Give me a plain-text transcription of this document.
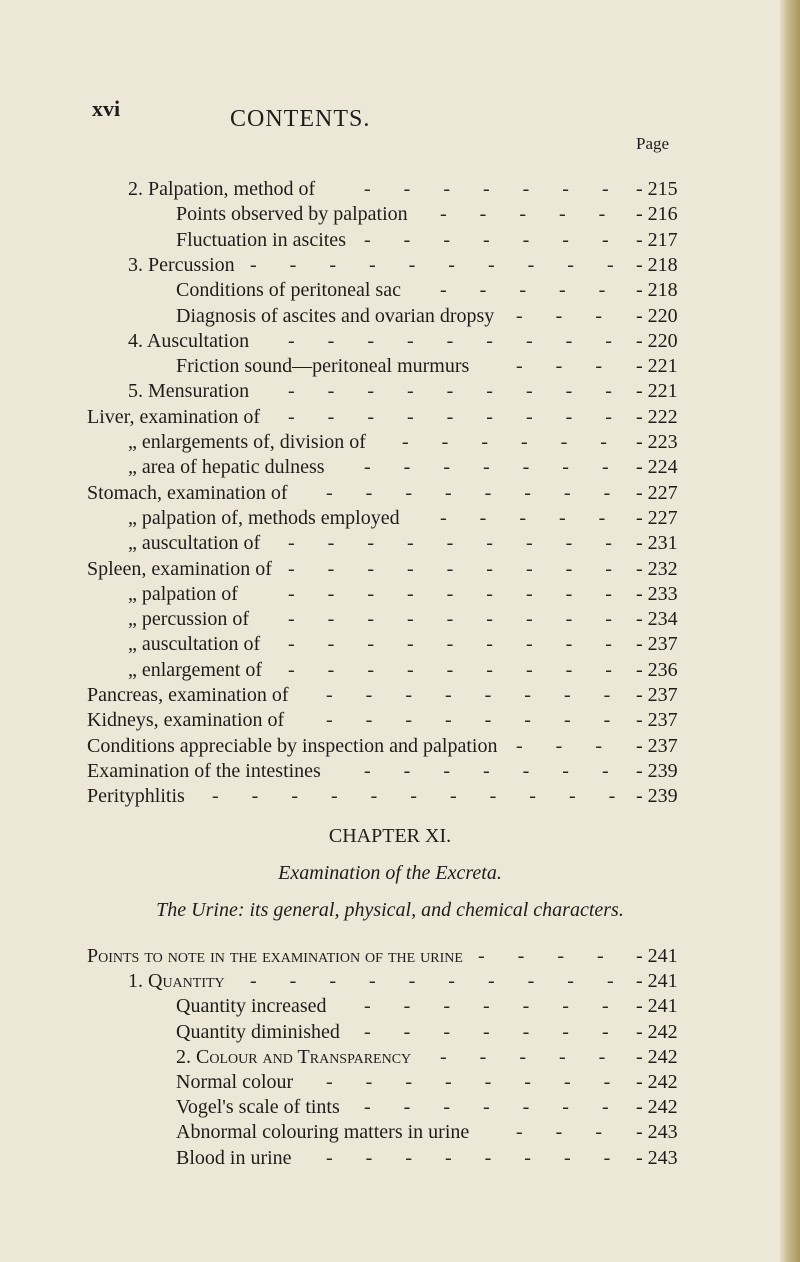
xvi	CONTENTS.
Page
2. Palpation, method of -  -  -  -  -  -  - - 215
Points observed by palpation -  -  -  -  - - 216
Fluctuation in ascites -  -  -  -  -  -  - - 217
3. Percussion -  -  -  -  -  -  -  -  -  - - 218
Conditions of peritoneal sac -  -  -  -  - - 218
Diagnosis of ascites and ovarian dropsy -  -  - - 220
4. Auscultation -  -  -  -  -  -  -  -  - - 220
Friction sound—peritoneal murmurs -  -  - - 221
5. Mensuration -  -  -  -  -  -  -  -  - - 221
Liver, examination of -  -  -  -  -  -  -  -  - - 222
„ enlargements of, division of -  -  -  -  -  - - 223
„ area of hepatic dulness -  -  -  -  -  -  - - 224
Stomach, examination of -  -  -  -  -  -  -  - - 227
„ palpation of, methods employed -  -  -  -  - - 227
„ auscultation of -  -  -  -  -  -  -  -  - - 231
Spleen, examination of -  -  -  -  -  -  -  -  - - 232
„ palpation of	-  -  -  -  -  -  -  -  - - 233
„ percussion of -  -  -  -  -  -  -  -  - - 234
„ auscultation of -  -  -  -  -  -  -  -  - - 237
„ enlargement of -  -  -  -  -  -  -  -  - - 236
Pancreas, examination of -  -  -  -  -  -  -  - - 237
Kidneys, examination of -  -  -  -  -  -  -  - - 237
Conditions appreciable by inspection and palpation -  -  - - 237
Examination of the intestines -  -  -  -  -  -  - - 239
Perityphlitis -  -  -  -  -  -  -  -  -  -  - - 239
CHAPTER XI.
Examination of the Excreta.
The Urine: its general, physical, and chemical characters.
Points to note in the examination of the urine -  -  -  - - 241
1. Quantity -  -  -  -  -  -  -  -  -  - - 241
Quantity increased -  -  -  -  -  -  - - 241
Quantity diminished -  -  -  -  -  -  - - 242
2. Colour and Transparency -  -  -  -  - - 242
Normal colour -  -  -  -  -  -  -  - - 242
Vogel's scale of tints -  -  -  -  -  -  - - 242
Abnormal colouring matters in urine -  -  - - 243
Blood in urine -  -  -  -  -  -  -  - - 243
